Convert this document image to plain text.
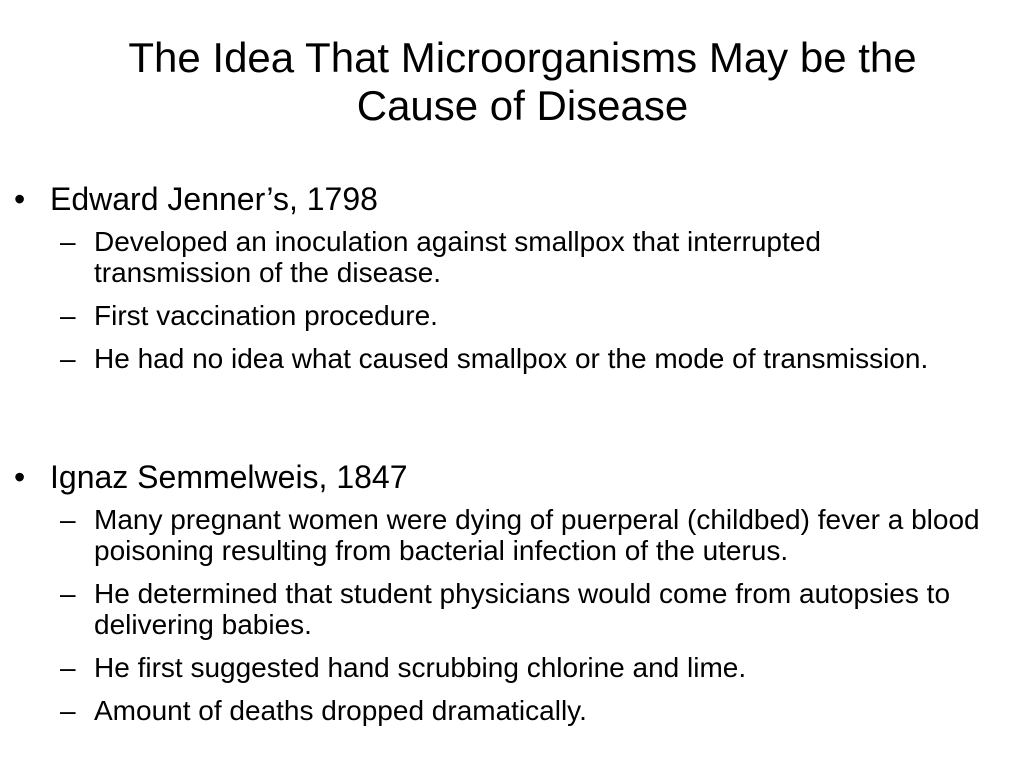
The Idea That Microorganisms May be the
Cause of Disease
• Edward Jenner’s, 1798
– Developed an inoculation against smallpox that interrupted transmission of the disease.
– First vaccination procedure.
– He had no idea what caused smallpox or the mode of transmission.
• Ignaz Semmelweis, 1847
– Many pregnant women were dying of puerperal (childbed) fever a blood poisoning resulting from bacterial infection of the uterus.
– He determined that student physicians would come from autopsies to delivering babies.
– He first suggested hand scrubbing chlorine and lime.
– Amount of deaths dropped dramatically.
